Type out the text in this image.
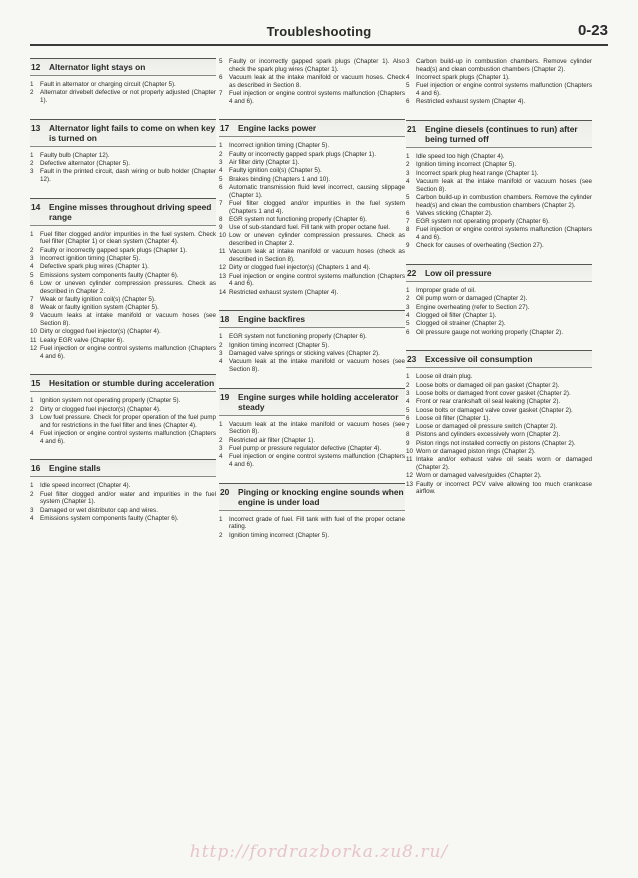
Troubleshooting	0-23
12	Alternator light stays on
1	Fault in alternator or charging circuit (Chapter 5).
2	Alternator drivebelt defective or not properly adjusted (Chapter 1).
13	Alternator light fails to come on when key is turned on
1	Faulty bulb (Chapter 12).
2	Defective alternator (Chapter 5).
3	Fault in the printed circuit, dash wiring or bulb holder (Chapter 12).
14	Engine misses throughout driving speed range
1	Fuel filter clogged and/or impurities in the fuel system. Check fuel filter (Chapter 1) or clean system (Chapter 4).
2	Faulty or incorrectly gapped spark plugs (Chapter 1).
3	Incorrect ignition timing (Chapter 5).
4	Defective spark plug wires (Chapter 1).
5	Emissions system components faulty (Chapter 6).
6	Low or uneven cylinder compression pressures. Check as described in Chapter 2.
7	Weak or faulty ignition coil(s) (Chapter 5).
8	Weak or faulty ignition system (Chapter 5).
9	Vacuum leaks at intake manifold or vacuum hoses (see Section 8).
10 Dirty or clogged fuel injector(s) (Chapter 4).
11 Leaky EGR valve (Chapter 6).
12 Fuel injection or engine control systems malfunction (Chapters 4 and 6).
15	Hesitation or stumble during acceleration
1	Ignition system not operating properly (Chapter 5).
2	Dirty or clogged fuel injector(s) (Chapter 4).
3	Low fuel pressure. Check for proper operation of the fuel pump and for restrictions in the fuel filter and lines (Chapter 4).
4	Fuel injection or engine control systems malfunction (Chapters 4 and 6).
16	Engine stalls
1	Idle speed incorrect (Chapter 4).
2	Fuel filter clogged and/or water and impurities in the fuel system (Chapter 1).
3	Damaged or wet distributor cap and wires.
4	Emissions system components faulty (Chapter 6).
5	Faulty or incorrectly gapped spark plugs (Chapter 1). Also check the spark plug wires (Chapter 1).
6	Vacuum leak at the intake manifold or vacuum hoses. Check as described in Section 8.
7	Fuel injection or engine control systems malfunction (Chapters 4 and 6).
17	Engine lacks power
1	Incorrect ignition timing (Chapter 5).
2	Faulty or incorrectly gapped spark plugs (Chapter 1).
3	Air filter dirty (Chapter 1).
4	Faulty ignition coil(s) (Chapter 5).
5	Brakes binding (Chapters 1 and 10).
6	Automatic transmission fluid level incorrect, causing slippage (Chapter 1).
7	Fuel filter clogged and/or impurities in the fuel system (Chapters 1 and 4).
8	EGR system not functioning properly (Chapter 6).
9	Use of sub-standard fuel. Fill tank with proper octane fuel.
10 Low or uneven cylinder compression pressures. Check as described in Chapter 2.
11 Vacuum leak at intake manifold or vacuum hoses (check as described in Section 8).
12 Dirty or clogged fuel injector(s) (Chapters 1 and 4).
13 Fuel injection or engine control systems malfunction (Chapters 4 and 6).
14 Restricted exhaust system (Chapter 4).
18	Engine backfires
1	EGR system not functioning properly (Chapter 6).
2	Ignition timing incorrect (Chapter 5).
3	Damaged valve springs or sticking valves (Chapter 2).
4	Vacuum leak at the intake manifold or vacuum hoses (see Section 8).
19	Engine surges while holding accelerator steady
1	Vacuum leak at the intake manifold or vacuum hoses (see Section 8).
2	Restricted air filter (Chapter 1).
3	Fuel pump or pressure regulator defective (Chapter 4).
4	Fuel injection or engine control systems malfunction (Chapters 4 and 6).
20	Pinging or knocking engine sounds when engine is under load
1	Incorrect grade of fuel. Fill tank with fuel of the proper octane rating.
2	Ignition timing incorrect (Chapter 5).
3	Carbon build-up in combustion chambers. Remove cylinder head(s) and clean combustion chambers (Chapter 2).
4	Incorrect spark plugs (Chapter 1).
5	Fuel injection or engine control systems malfunction (Chapters 4 and 6).
6	Restricted exhaust system (Chapter 4).
21	Engine diesels (continues to run) after being turned off
1	Idle speed too high (Chapter 4).
2	Ignition timing incorrect (Chapter 5).
3	Incorrect spark plug heat range (Chapter 1).
4	Vacuum leak at the intake manifold or vacuum hoses (see Section 8).
5	Carbon build-up in combustion chambers. Remove the cylinder head(s) and clean the combustion chambers (Chapter 2).
6	Valves sticking (Chapter 2).
7	EGR system not operating properly (Chapter 6).
8	Fuel injection or engine control systems malfunction (Chapters 4 and 6).
9	Check for causes of overheating (Section 27).
22	Low oil pressure
1	Improper grade of oil.
2	Oil pump worn or damaged (Chapter 2).
3	Engine overheating (refer to Section 27).
4	Clogged oil filter (Chapter 1).
5	Clogged oil strainer (Chapter 2).
6	Oil pressure gauge not working properly (Chapter 2).
23	Excessive oil consumption
1	Loose oil drain plug.
2	Loose bolts or damaged oil pan gasket (Chapter 2).
3	Loose bolts or damaged front cover gasket (Chapter 2).
4	Front or rear crankshaft oil seal leaking (Chapter 2).
5	Loose bolts or damaged valve cover gasket (Chapter 2).
6	Loose oil filter (Chapter 1).
7	Loose or damaged oil pressure switch (Chapter 2).
8	Pistons and cylinders excessively worn (Chapter 2).
9	Piston rings not installed correctly on pistons (Chapter 2).
10 Worn or damaged piston rings (Chapter 2).
11 Intake and/or exhaust valve oil seals worn or damaged (Chapter 2).
12 Worn or damaged valves/guides (Chapter 2).
13 Faulty or incorrect PCV valve allowing too much crankcase airflow.
http://fordrazborka.zu8.ru/
